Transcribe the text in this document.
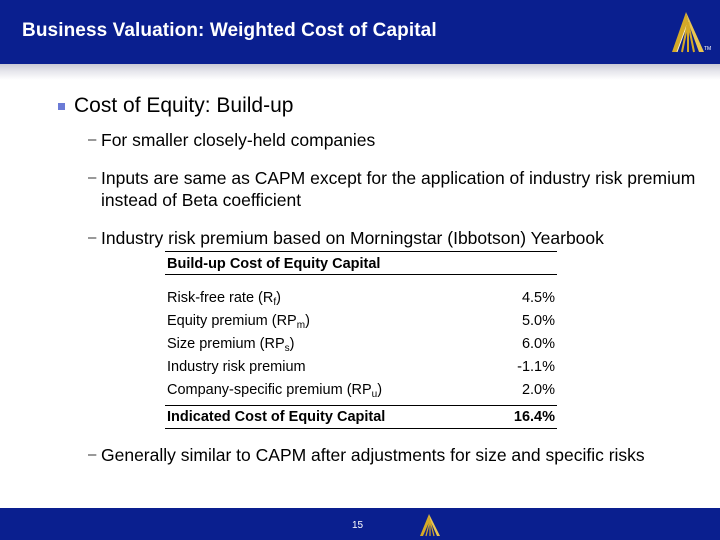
Business Valuation: Weighted Cost of Capital
TM
Cost of Equity: Build-up
– For smaller closely-held companies
– Inputs are same as CAPM except for the application of industry risk premium instead of Beta coefficient
– Industry risk premium based on Morningstar (Ibbotson) Yearbook
Build-up Cost of Equity Capital
Risk-free rate $(R_f)$	4.5%
Equity premium $(RP_m)$	5.0%
Size premium $(RP_s)$	6.0%
Industry risk premium	-1.1%
Company-specific premium $(RP_u)$	2.0%
Indicated Cost of Equity Capital	16.4%
– Generally similar to CAPM after adjustments for size and specific risks
15
